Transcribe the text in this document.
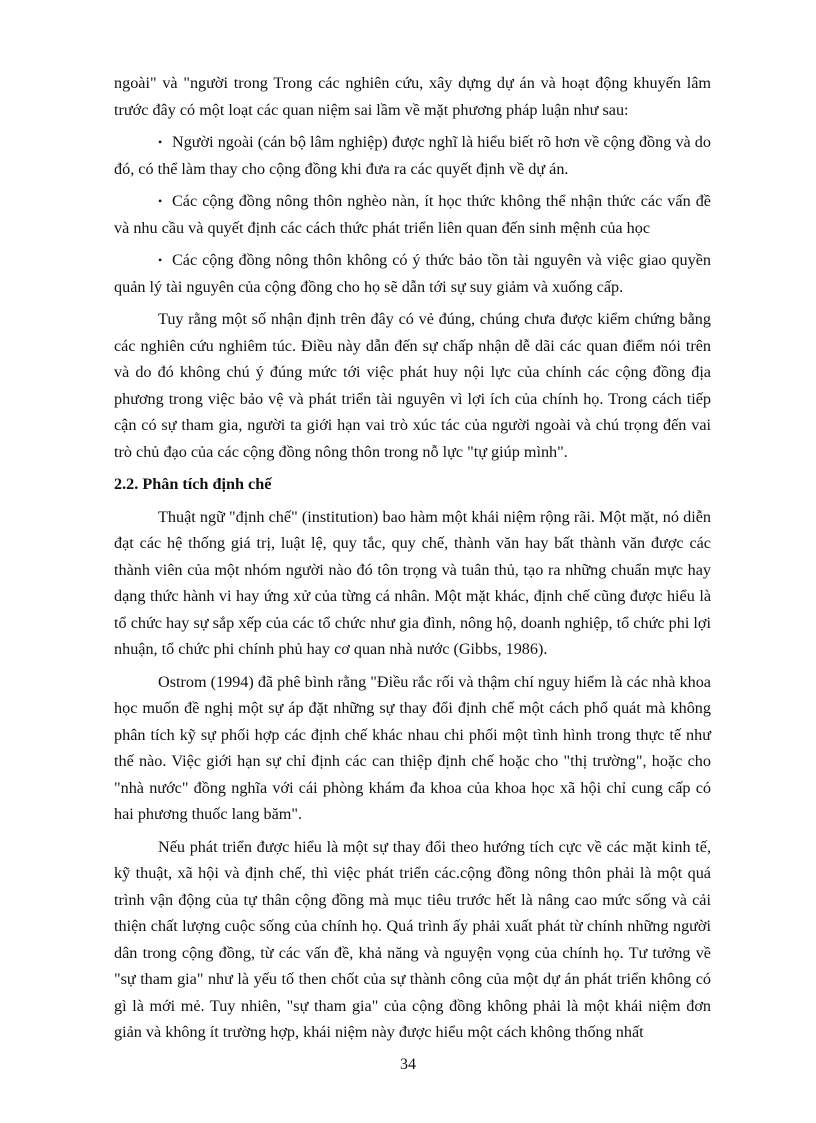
ngoài" và "người trong Trong các nghiên cứu, xây dựng dự án và hoạt động khuyến lâm trước đây có một loạt các quan niệm sai lầm về mặt phương pháp luận như sau:

• Người ngoài (cán bộ lâm nghiệp) được nghĩ là hiểu biết rõ hơn về cộng đồng và do đó, có thể làm thay cho cộng đồng khi đưa ra các quyết định về dự án.

• Các cộng đồng nông thôn nghèo nàn, ít học thức không thể nhận thức các vấn đề và nhu cầu và quyết định các cách thức phát triển liên quan đến sinh mệnh của học

• Các cộng đồng nông thôn không có ý thức bảo tồn tài nguyên và việc giao quyền quản lý tài nguyên của cộng đồng cho họ sẽ dẫn tới sự suy giảm và xuống cấp.

Tuy rằng một số nhận định trên đây có vẻ đúng, chúng chưa được kiểm chứng bằng các nghiên cứu nghiêm túc. Điều này dẫn đến sự chấp nhận dễ dãi các quan điểm nói trên và do đó không chú ý đúng mức tới việc phát huy nội lực của chính các cộng đồng địa phương trong việc bảo vệ và phát triển tài nguyên vì lợi ích của chính họ. Trong cách tiếp cận có sự tham gia, người ta giới hạn vai trò xúc tác của người ngoài và chú trọng đến vai trò chủ đạo của các cộng đồng nông thôn trong nỗ lực "tự giúp mình".

2.2. Phân tích định chế

Thuật ngữ "định chế" (institution) bao hàm một khái niệm rộng rãi. Một mặt, nó diễn đạt các hệ thống giá trị, luật lệ, quy tắc, quy chế, thành văn hay bất thành văn được các thành viên của một nhóm người nào đó tôn trọng và tuân thủ, tạo ra những chuẩn mực hay dạng thức hành vi hay ứng xử của từng cá nhân. Một mặt khác, định chế cũng được hiểu là tổ chức hay sự sắp xếp của các tổ chức như gia đình, nông hộ, doanh nghiệp, tổ chức phi lợi nhuận, tổ chức phi chính phủ hay cơ quan nhà nước (Gibbs, 1986).

Ostrom (1994) đã phê bình rằng "Điều rắc rối và thậm chí nguy hiểm là các nhà khoa học muốn đề nghị một sự áp đặt những sự thay đổi định chế một cách phổ quát mà không phân tích kỹ sự phối hợp các định chế khác nhau chi phối một tình hình trong thực tế như thế nào. Việc giới hạn sự chỉ định các can thiệp định chế hoặc cho "thị trường", hoặc cho "nhà nước" đồng nghĩa với cái phòng khám đa khoa của khoa học xã hội chỉ cung cấp có hai phương thuốc lang băm".

Nếu phát triển được hiểu là một sự thay đổi theo hướng tích cực về các mặt kinh tế, kỹ thuật, xã hội và định chế, thì việc phát triển các.cộng đồng nông thôn phải là một quá trình vận động của tự thân cộng đồng mà mục tiêu trước hết là nâng cao mức sống và cải thiện chất lượng cuộc sống của chính họ. Quá trình ấy phải xuất phát từ chính những người dân trong cộng đồng, từ các vấn đề, khả năng và nguyện vọng của chính họ. Tư tưởng về "sự tham gia" như là yếu tố then chốt của sự thành công của một dự án phát triển không có gì là mới mẻ. Tuy nhiên, "sự tham gia" của cộng đồng không phải là một khái niệm đơn giản và không ít trường hợp, khái niệm này được hiểu một cách không thống nhất

34
